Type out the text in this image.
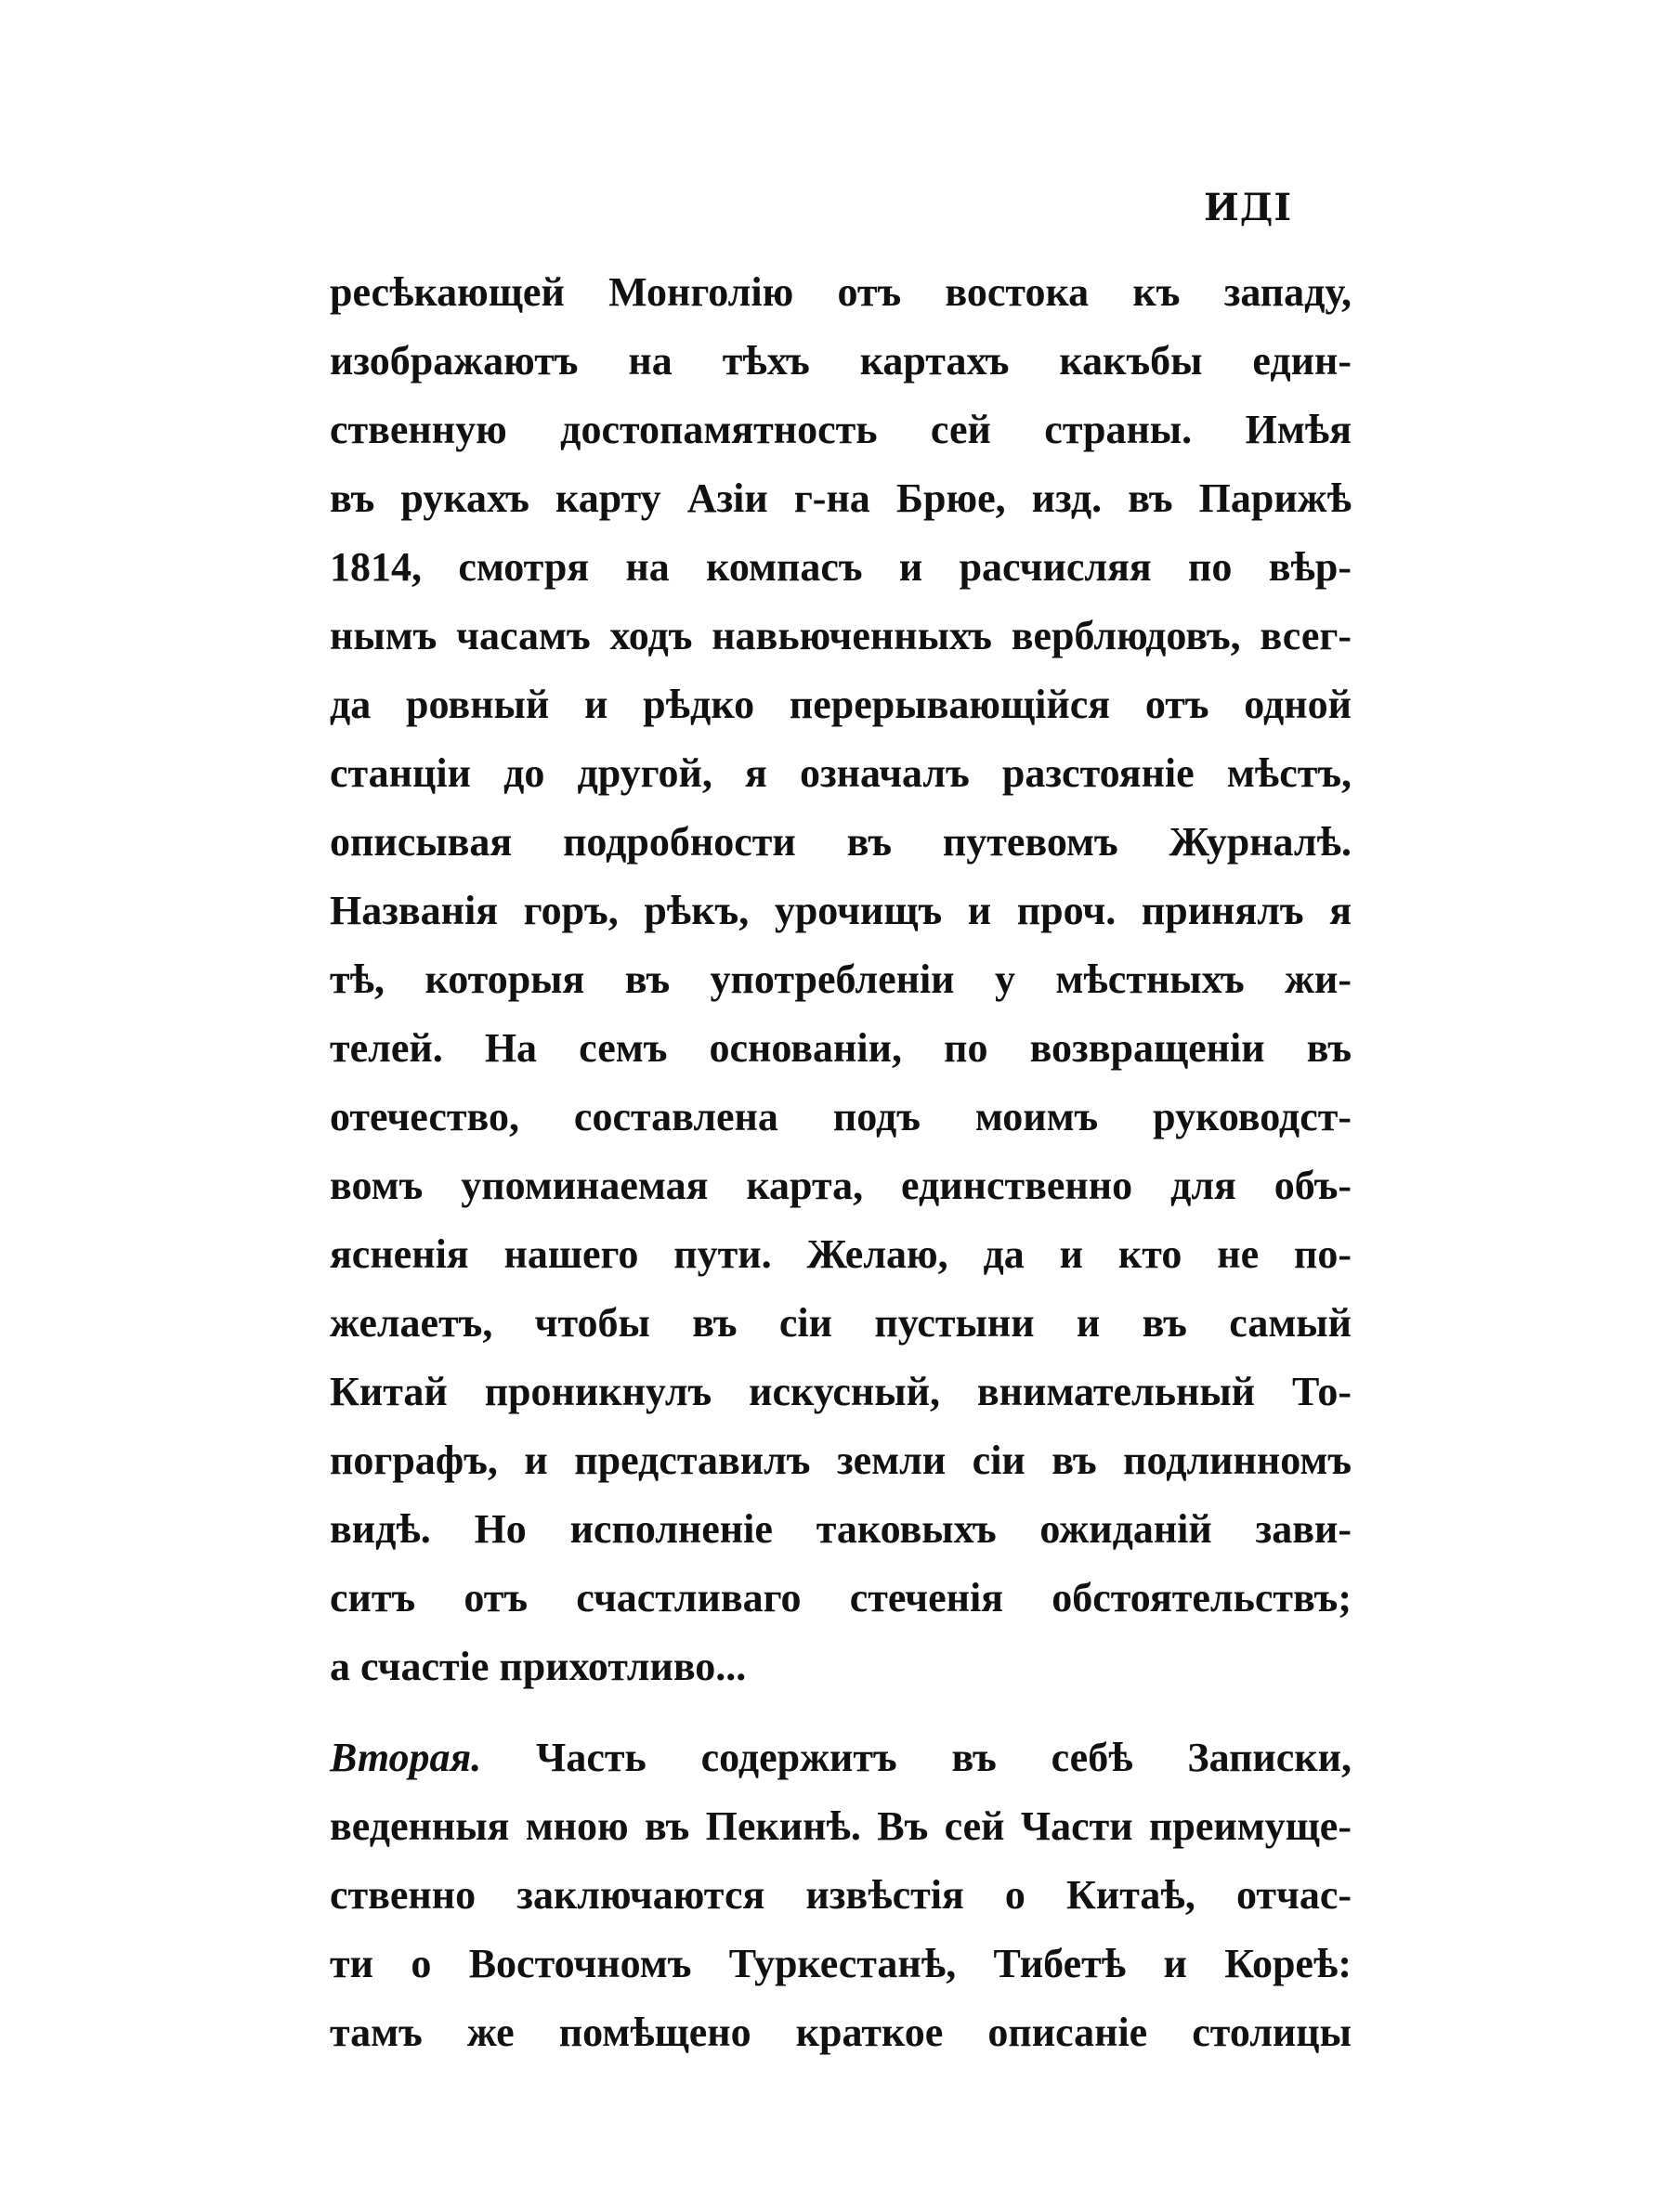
ИДI
ресѣкающей Монголію отъ востока къ западу,
изображаютъ на тѣхъ картахъ какъбы един-
ственную достопамятность сей страны. Имѣя
въ рукахъ карту Азіи г-на Брюе, изд. въ Парижѣ
1814, смотря на компасъ и расчисляя по вѣр-
нымъ часамъ ходъ навьюченныхъ верблюдовъ, всег-
да ровный и рѣдко перерывающійся отъ одной
станціи до другой, я означалъ разстояніе мѣстъ,
описывая подробности въ путевомъ Журналѣ.
Названія горъ, рѣкъ, урочищъ и проч. принялъ я
тѣ, которыя въ употребленіи у мѣстныхъ жи-
телей. На семъ основаніи, по возвращеніи въ
отечество, составлена подъ моимъ руководст-
вомъ упоминаемая карта, единственно для объ-
ясненія нашего пути. Желаю, да и кто не по-
желаетъ, чтобы въ сіи пустыни и въ самый
Китай проникнулъ искусный, внимательный То-
пографъ, и представилъ земли сіи въ подлинномъ
видѣ. Но исполненіе таковыхъ ожиданій зави-
ситъ отъ счастливаго стеченія обстоятельствъ;
а счастіе прихотливо...
Вторая. Часть содержитъ въ себѣ Записки,
веденныя мною въ Пекинѣ. Въ сей Части преимуще-
ственно заключаются извѣстія о Китаѣ, отчас-
ти о Восточномъ Туркестанѣ, Тибетѣ и Кореѣ:
тамъ же помѣщено краткое описаніе столицы
